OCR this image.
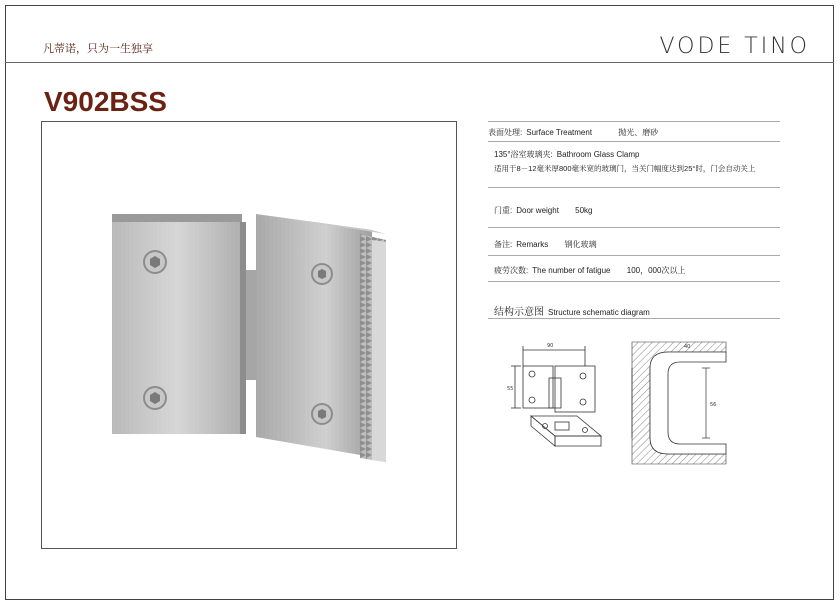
凡蒂诺，只为一生独享	VODE TINO
V902BSS
表面处理: Surface Treatment	抛光、磨砂
135°浴室玻璃夹: Bathroom Glass Clamp
适用于8－12毫米厚800毫米宽的玻璃门，当关门幅度达到25°时，门会自动关上
门重: Door weight 50kg
备注: Remarks 钢化玻璃
疲劳次数: The number of fatigue 100，000次以上
结构示意图 Structure schematic diagram
90
55
40
56
